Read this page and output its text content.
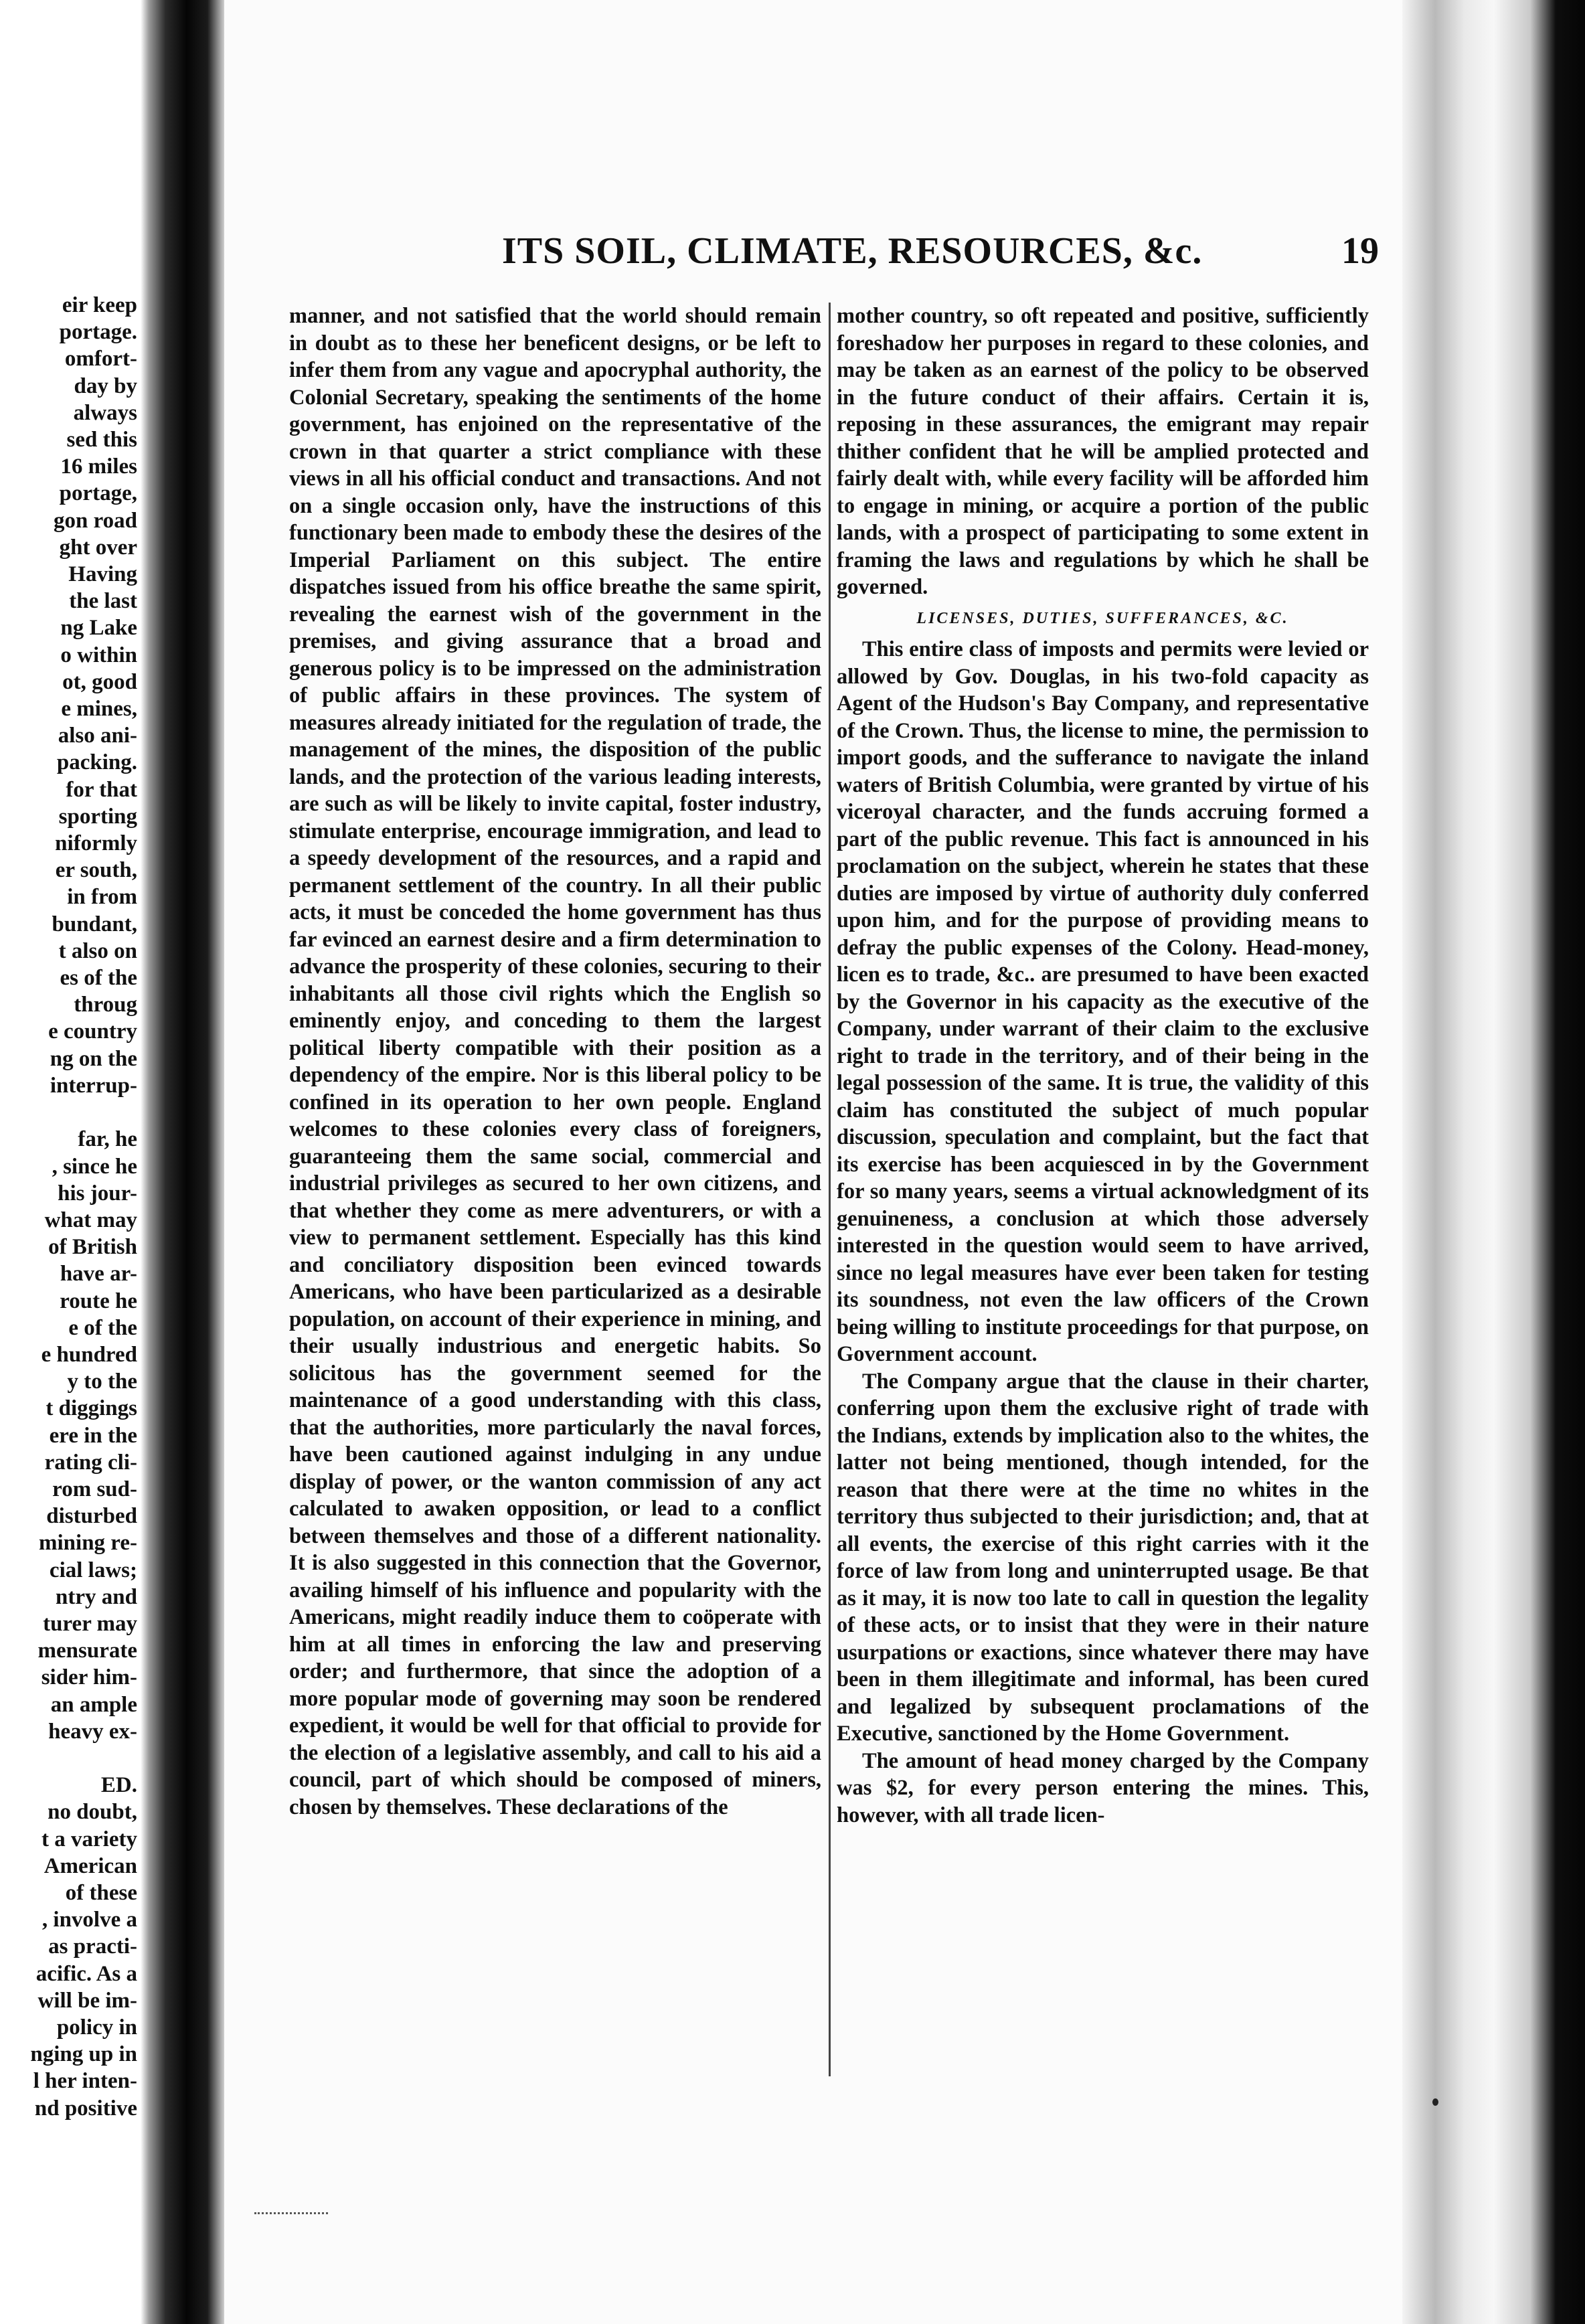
eir keep
portage.
omfort-
day by
always
sed this
16 miles
portage,
gon road
ght over
Having
the last
ng Lake
o within
ot, good
e mines,
also ani-
packing.
for that
sporting
niformly
er south,
in from
bundant,
t also on
es of the
throug
e country
ng on the
interrup-

far, he
, since he
his jour-
what may
of British
have ar-
route he
e of the
e hundred
y to the
t diggings
ere in the
rating cli-
rom sud-
disturbed
mining re-
cial laws;
ntry and
turer may
mensurate
sider him-
an ample
heavy ex-

ED.
no doubt,
t a variety
American
of these
, involve a
as practi-
acific. As a
will be im-
policy in
nging up in
l her inten-
nd positive
ITS SOIL, CLIMATE, RESOURCES, &c.	19

manner, and not satisfied that the world should remain in doubt as to these her beneficent designs, or be left to infer them from any vague and apocryphal authority, the Colonial Secretary, speaking the sentiments of the home government, has enjoined on the representative of the crown in that quarter a strict compliance with these views in all his official conduct and transactions. And not on a single occasion only, have the instructions of this functionary been made to embody these the desires of the Imperial Parliament on this subject. The entire dispatches issued from his office breathe the same spirit, revealing the earnest wish of the government in the premises, and giving assurance that a broad and generous policy is to be impressed on the administration of public affairs in these provinces. The system of measures already initiated for the regulation of trade, the management of the mines, the disposition of the public lands, and the protection of the various leading interests, are such as will be likely to invite capital, foster industry, stimulate enterprise, encourage immigration, and lead to a speedy development of the resources, and a rapid and permanent settlement of the country. In all their public acts, it must be conceded the home government has thus far evinced an earnest desire and a firm determination to advance the prosperity of these colonies, securing to their inhabitants all those civil rights which the English so eminently enjoy, and conceding to them the largest political liberty compatible with their position as a dependency of the empire. Nor is this liberal policy to be confined in its operation to her own people. England welcomes to these colonies every class of foreigners, guaranteeing them the same social, commercial and industrial privileges as secured to her own citizens, and that whether they come as mere adventurers, or with a view to permanent settlement. Especially has this kind and conciliatory disposition been evinced towards Americans, who have been particularized as a desirable population, on account of their experience in mining, and their usually industrious and energetic habits. So solicitous has the government seemed for the maintenance of a good understanding with this class, that the authorities, more particularly the naval forces, have been cautioned against indulging in any undue display of power, or the wanton commission of any act calculated to awaken opposition, or lead to a conflict between themselves and those of a different nationality. It is also suggested in this connection that the Governor, availing himself of his influence and popularity with the Americans, might readily induce them to coöperate with him at all times in enforcing the law and preserving order; and furthermore, that since the adoption of a more popular mode of governing may soon be rendered expedient, it would be well for that official to provide for the election of a legislative assembly, and call to his aid a council, part of which should be composed of miners, chosen by themselves. These declarations of the

mother country, so oft repeated and positive, sufficiently foreshadow her purposes in regard to these colonies, and may be taken as an earnest of the policy to be observed in the future conduct of their affairs. Certain it is, reposing in these assurances, the emigrant may repair thither confident that he will be amplied protected and fairly dealt with, while every facility will be afforded him to engage in mining, or acquire a portion of the public lands, with a prospect of participating to some extent in framing the laws and regulations by which he shall be governed.

LICENSES, DUTIES, SUFFERANCES, &C.

This entire class of imposts and permits were levied or allowed by Gov. Douglas, in his two-fold capacity as Agent of the Hudson's Bay Company, and representative of the Crown. Thus, the license to mine, the permission to import goods, and the sufferance to navigate the inland waters of British Columbia, were granted by virtue of his viceroyal character, and the funds accruing formed a part of the public revenue. This fact is announced in his proclamation on the subject, wherein he states that these duties are imposed by virtue of authority duly conferred upon him, and for the purpose of providing means to defray the public expenses of the Colony. Head-money, licen es to trade, &c.. are presumed to have been exacted by the Governor in his capacity as the executive of the Company, under warrant of their claim to the exclusive right to trade in the territory, and of their being in the legal possession of the same. It is true, the validity of this claim has constituted the subject of much popular discussion, speculation and complaint, but the fact that its exercise has been acquiesced in by the Government for so many years, seems a virtual acknowledgment of its genuineness, a conclusion at which those adversely interested in the question would seem to have arrived, since no legal measures have ever been taken for testing its soundness, not even the law officers of the Crown being willing to institute proceedings for that purpose, on Government account.

The Company argue that the clause in their charter, conferring upon them the exclusive right of trade with the Indians, extends by implication also to the whites, the latter not being mentioned, though intended, for the reason that there were at the time no whites in the territory thus subjected to their jurisdiction; and, that at all events, the exercise of this right carries with it the force of law from long and uninterrupted usage. Be that as it may, it is now too late to call in question the legality of these acts, or to insist that they were in their nature usurpations or exactions, since whatever there may have been in them illegitimate and informal, has been cured and legalized by subsequent proclamations of the Executive, sanctioned by the Home Government.

The amount of head money charged by the Company was $2, for every person entering the mines. This, however, with all trade licen-
